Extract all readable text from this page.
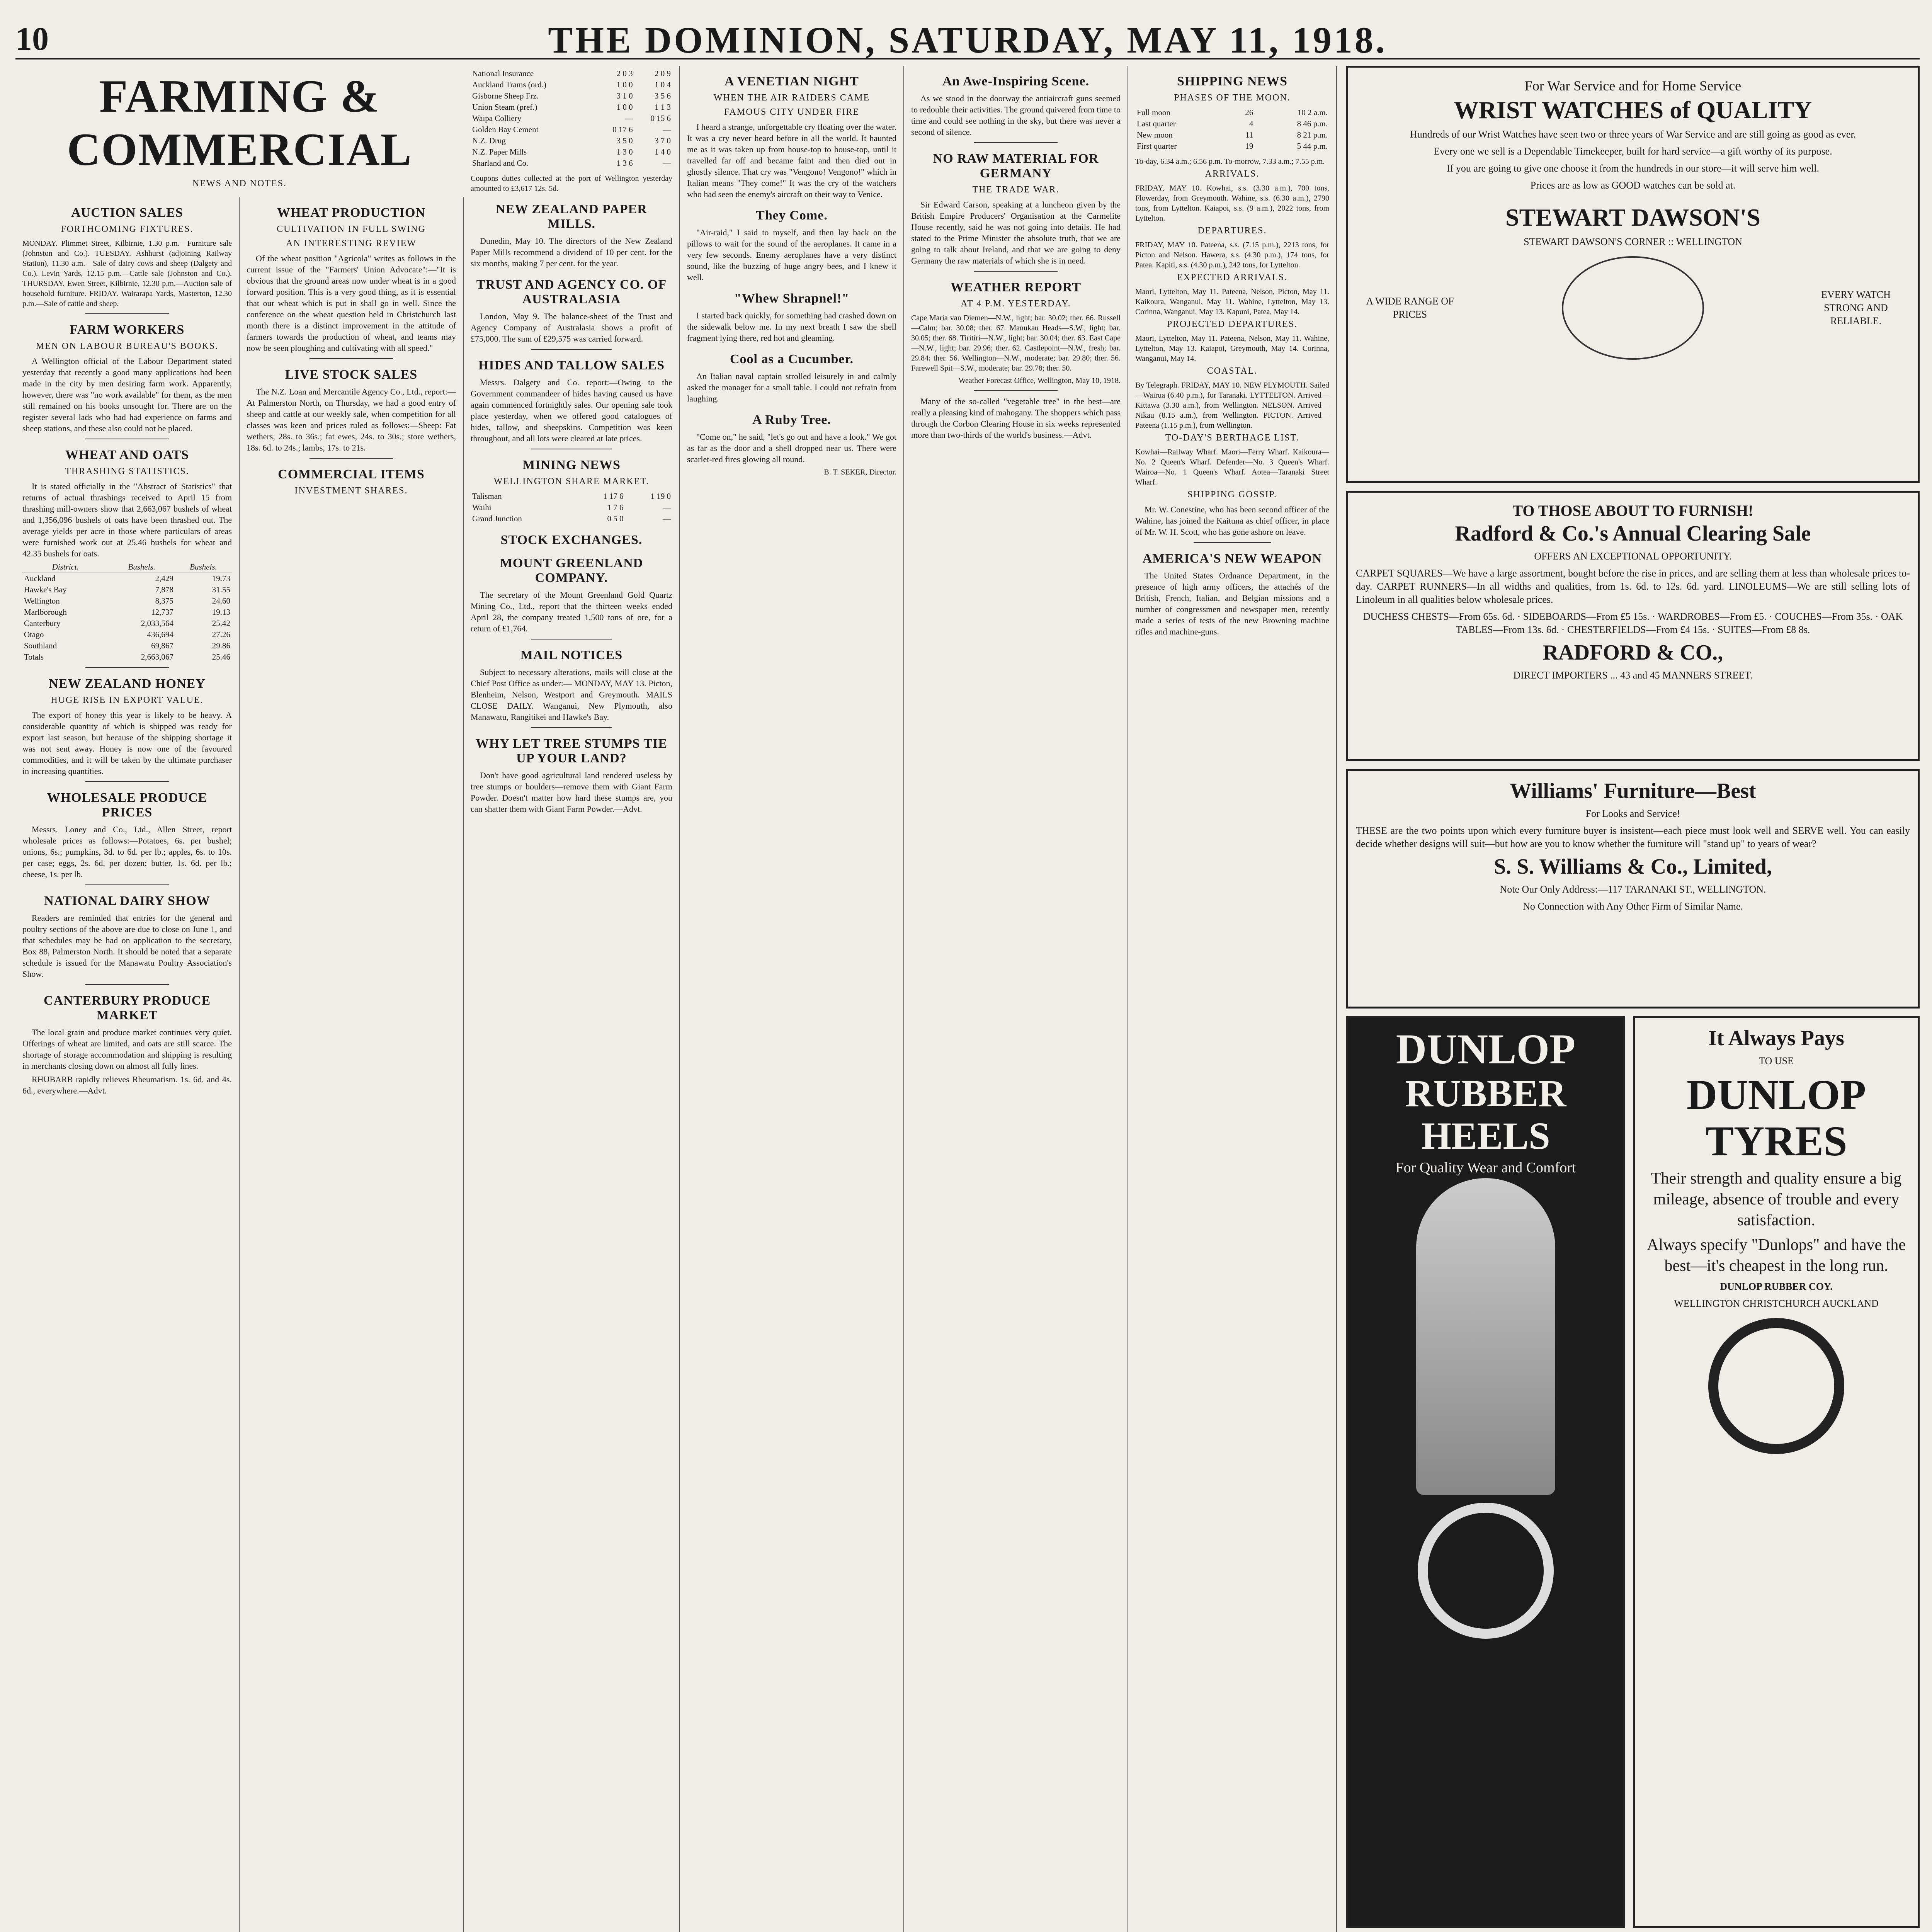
10	THE DOMINION, SATURDAY, MAY 11, 1918.
FARMING & COMMERCIAL
NEWS AND NOTES.
AUCTION SALES
FORTHCOMING FIXTURES.

MONDAY. Plimmet Street, Kilbirnie, 1.30 p.m.—Furniture sale (Johnston and Co.). TUESDAY. Ashhurst (adjoining Railway Station), 11.30 a.m.—Sale of dairy cows and sheep (Dalgety and Co.). Levin Yards, 12.15 p.m.—Cattle sale (Johnston and Co.). THURSDAY. Ewen Street, Kilbirnie, 12.30 p.m.—Auction sale of household furniture. FRIDAY. Wairarapa Yards, Masterton, 12.30 p.m.—Sale of cattle and sheep.

FARM WORKERS
MEN ON LABOUR BUREAU'S BOOKS.

A Wellington official of the Labour Department stated yesterday that recently a good many applications had been made in the city by men desiring farm work. Apparently, however, there was "no work available" for them, as the men still remained on his books unsought for. There are on the register several lads who had had experience on farms and sheep stations, and these also could not be placed.

WHEAT AND OATS
THRASHING STATISTICS.

It is stated officially in the "Abstract of Statistics" that returns of actual thrashings received to April 15 from thrashing mill-owners show that 2,663,067 bushels of wheat and 1,356,096 bushels of oats have been thrashed out. The average yields per acre in those where particulars of areas were furnished work out at 25.46 bushels for wheat and 42.35 bushels for oats.

District.	Bushels.	Bushels.
Auckland	2,429	19.73
Hawke's Bay	7,878	31.55
Wellington	8,375	24.60
Marlborough	12,737	19.13
Canterbury	2,033,564	25.42
Otago	436,694	27.26
Southland	69,867	29.86
Totals	2,663,067	25.46
NEW ZEALAND HONEY
HUGE RISE IN EXPORT VALUE.

The export of honey this year is likely to be heavy. A considerable quantity of which is shipped was ready for export last season, but because of the shipping shortage it was not sent away. Honey is now one of the favoured commodities, and it will be taken by the ultimate purchaser in increasing quantities.

WHOLESALE PRODUCE PRICES

Messrs. Loney and Co., Ltd., Allen Street, report wholesale prices as follows:—Potatoes, 6s. per bushel; onions, 6s.; pumpkins, 3d. to 6d. per lb.; apples, 6s. to 10s. per case; eggs, 2s. 6d. per dozen; butter, 1s. 6d. per lb.; cheese, 1s. per lb.

NATIONAL DAIRY SHOW

Readers are reminded that entries for the general and poultry sections of the above are due to close on June 1, and that schedules may be had on application to the secretary, Box 88, Palmerston North. It should be noted that a separate schedule is issued for the Manawatu Poultry Association's Show.

CANTERBURY PRODUCE MARKET

The local grain and produce market continues very quiet. Offerings of wheat are limited, and oats are still scarce. The shortage of storage accommodation and shipping is resulting in merchants closing down on almost all fully lines.

RHUBARB rapidly relieves Rheumatism. 1s. 6d. and 4s. 6d., everywhere.—Advt.

WHEAT PRODUCTION
CULTIVATION IN FULL SWING
AN INTERESTING REVIEW

Of the wheat position "Agricola" writes as follows in the current issue of the "Farmers' Union Advocate":—"It is obvious that the ground areas now under wheat is in a good forward position. This is a very good thing, as it is essential that our wheat which is put in shall go in well. Since the conference on the wheat question held in Christchurch last month there is a distinct improvement in the attitude of farmers towards the production of wheat, and teams may now be seen ploughing and cultivating with all speed."

LIVE STOCK SALES

The N.Z. Loan and Mercantile Agency Co., Ltd., report:—At Palmerston North, on Thursday, we had a good entry of sheep and cattle at our weekly sale, when competition for all classes was keen and prices ruled as follows:—Sheep: Fat wethers, 28s. to 36s.; fat ewes, 24s. to 30s.; store wethers, 18s. 6d. to 24s.; lambs, 17s. to 21s.

COMMERCIAL ITEMS
INVESTMENT SHARES.
National Insurance	2 0 3	2 0 9
Auckland Trams (ord.)	1 0 0	1 0 4
Gisborne Sheep Frz.	3 1 0	3 5 6
Union Steam (pref.)	1 0 0	1 1 3
Waipa Colliery	—	0 15 6
Golden Bay Cement	0 17 6	—
N.Z. Drug	3 5 0	3 7 0
N.Z. Paper Mills	1 3 0	1 4 0
Sharland and Co.	1 3 6	—

Coupons duties collected at the port of Wellington yesterday amounted to £3,617 12s. 5d.

NEW ZEALAND PAPER MILLS.

Dunedin, May 10. The directors of the New Zealand Paper Mills recommend a dividend of 10 per cent. for the six months, making 7 per cent. for the year.

TRUST AND AGENCY CO. OF AUSTRALASIA

London, May 9. The balance-sheet of the Trust and Agency Company of Australasia shows a profit of £75,000. The sum of £29,575 was carried forward.

HIDES AND TALLOW SALES

Messrs. Dalgety and Co. report:—Owing to the Government commandeer of hides having caused us have again commenced fortnightly sales. Our opening sale took place yesterday, when we offered good catalogues of hides, tallow, and sheepskins. Competition was keen throughout, and all lots were cleared at late prices.

MINING NEWS
WELLINGTON SHARE MARKET.
Talisman	1 17 6	1 19 0
Waihi	1 7 6	—
Grand Junction	0 5 0	—
STOCK EXCHANGES.
MOUNT GREENLAND COMPANY.

The secretary of the Mount Greenland Gold Quartz Mining Co., Ltd., report that the thirteen weeks ended April 28, the company treated 1,500 tons of ore, for a return of £1,764.

MAIL NOTICES

Subject to necessary alterations, mails will close at the Chief Post Office as under:— MONDAY, MAY 13. Picton, Blenheim, Nelson, Westport and Greymouth. MAILS CLOSE DAILY. Wanganui, New Plymouth, also Manawatu, Rangitikei and Hawke's Bay.

WHY LET TREE STUMPS TIE UP YOUR LAND?

Don't have good agricultural land rendered useless by tree stumps or boulders—remove them with Giant Farm Powder. Doesn't matter how hard these stumps are, you can shatter them with Giant Farm Powder.—Advt.

A VENETIAN NIGHT
WHEN THE AIR RAIDERS CAME
FAMOUS CITY UNDER FIRE

I heard a strange, unforgettable cry floating over the water. It was a cry never heard before in all the world. It haunted me as it was taken up from house-top to house-top, until it travelled far off and became faint and then died out in ghostly silence. That cry was "Vengono! Vengono!" which in Italian means "They come!" It was the cry of the watchers who had seen the enemy's aircraft on their way to Venice.

They Come.

"Air-raid," I said to myself, and then lay back on the pillows to wait for the sound of the aeroplanes. It came in a very few seconds. Enemy aeroplanes have a very distinct sound, like the buzzing of huge angry bees, and I knew it well.

"Whew Shrapnel!"

I started back quickly, for something had crashed down on the sidewalk below me. In my next breath I saw the shell fragment lying there, red hot and gleaming.

Cool as a Cucumber.

An Italian naval captain strolled leisurely in and calmly asked the manager for a small table. I could not refrain from laughing.

A Ruby Tree.

"Come on," he said, "let's go out and have a look." We got as far as the door and a shell dropped near us. There were scarlet-red fires glowing all round.

B. T. SEKER, Director.

An Awe-Inspiring Scene.

As we stood in the doorway the antiaircraft guns seemed to redouble their activities. The ground quivered from time to time and could see nothing in the sky, but there was never a second of silence.

NO RAW MATERIAL FOR GERMANY
THE TRADE WAR.

Sir Edward Carson, speaking at a luncheon given by the British Empire Producers' Organisation at the Carmelite House recently, said he was not going into details. He had stated to the Prime Minister the absolute truth, that we are going to talk about Ireland, and that we are going to deny Germany the raw materials of which she is in need.

WEATHER REPORT
AT 4 P.M. YESTERDAY.

Cape Maria van Diemen—N.W., light; bar. 30.02; ther. 66. Russell—Calm; bar. 30.08; ther. 67. Manukau Heads—S.W., light; bar. 30.05; ther. 68. Tiritiri—N.W., light; bar. 30.04; ther. 63. East Cape—N.W., light; bar. 29.96; ther. 62. Castlepoint—N.W., fresh; bar. 29.84; ther. 56. Wellington—N.W., moderate; bar. 29.80; ther. 56. Farewell Spit—S.W., moderate; bar. 29.78; ther. 50.

Weather Forecast Office, Wellington, May 10, 1918.

Many of the so-called "vegetable tree" in the best—are really a pleasing kind of mahogany. The shoppers which pass through the Corbon Clearing House in six weeks represented more than two-thirds of the world's business.—Advt.

SHIPPING NEWS
PHASES OF THE MOON.
Full moon	26	10 2 a.m.
Last quarter	4	8 46 p.m.
New moon	11	8 21 p.m.
First quarter	19	5 44 p.m.

To-day, 6.34 a.m.; 6.56 p.m. To-morrow, 7.33 a.m.; 7.55 p.m.

ARRIVALS.

FRIDAY, MAY 10. Kowhai, s.s. (3.30 a.m.), 700 tons, Flowerday, from Greymouth. Wahine, s.s. (6.30 a.m.), 2790 tons, from Lyttelton. Kaiapoi, s.s. (9 a.m.), 2022 tons, from Lyttelton.

DEPARTURES.

FRIDAY, MAY 10. Pateena, s.s. (7.15 p.m.), 2213 tons, for Picton and Nelson. Hawera, s.s. (4.30 p.m.), 174 tons, for Patea. Kapiti, s.s. (4.30 p.m.), 242 tons, for Lyttelton.

EXPECTED ARRIVALS.

Maori, Lyttelton, May 11. Pateena, Nelson, Picton, May 11. Kaikoura, Wanganui, May 11. Wahine, Lyttelton, May 13. Corinna, Wanganui, May 13. Kapuni, Patea, May 14.

PROJECTED DEPARTURES.

Maori, Lyttelton, May 11. Pateena, Nelson, May 11. Wahine, Lyttelton, May 13. Kaiapoi, Greymouth, May 14. Corinna, Wanganui, May 14.

COASTAL.

By Telegraph. FRIDAY, MAY 10. NEW PLYMOUTH. Sailed—Wairua (6.40 p.m.), for Taranaki. LYTTELTON. Arrived—Kittawa (3.30 a.m.), from Wellington. NELSON. Arrived—Nikau (8.15 a.m.), from Wellington. PICTON. Arrived—Pateena (1.15 p.m.), from Wellington.

TO-DAY'S BERTHAGE LIST.

Kowhai—Railway Wharf. Maori—Ferry Wharf. Kaikoura—No. 2 Queen's Wharf. Defender—No. 3 Queen's Wharf. Wairoa—No. 1 Queen's Wharf. Aotea—Taranaki Street Wharf.

SHIPPING GOSSIP.

Mr. W. Conestine, who has been second officer of the Wahine, has joined the Kaituna as chief officer, in place of Mr. W. H. Scott, who has gone ashore on leave.

AMERICA'S NEW WEAPON

The United States Ordnance Department, in the presence of high army officers, the attachés of the British, French, Italian, and Belgian missions and a number of congressmen and newspaper men, recently made a series of tests of the new Browning machine rifles and machine-guns.

For War Service and for Home Service
WRIST WATCHES of QUALITY
Hundreds of our Wrist Watches have seen two or three years of War Service and are still going as good as ever.
Every one we sell is a Dependable Timekeeper, built for hard service—a gift worthy of its purpose.
If you are going to give one choose it from the hundreds in our store—it will serve him well.
Prices are as low as GOOD watches can be sold at.
STEWART DAWSON'S
STEWART DAWSON'S CORNER :: WELLINGTON
A WIDE RANGE OF PRICES
EVERY WATCH STRONG AND RELIABLE.
TO THOSE ABOUT TO FURNISH!
Radford & Co.'s Annual Clearing Sale
OFFERS AN EXCEPTIONAL OPPORTUNITY.
CARPET SQUARES—We have a large assortment, bought before the rise in prices, and are selling them at less than wholesale prices to-day. CARPET RUNNERS—In all widths and qualities, from 1s. 6d. to 12s. 6d. yard. LINOLEUMS—We are still selling lots of Linoleum in all qualities below wholesale prices.
DUCHESS CHESTS—From 65s. 6d. · SIDEBOARDS—From £5 15s. · WARDROBES—From £5. · COUCHES—From 35s. · OAK TABLES—From 13s. 6d. · CHESTERFIELDS—From £4 15s. · SUITES—From £8 8s.
RADFORD & CO.,
DIRECT IMPORTERS ... 43 and 45 MANNERS STREET.
Williams' Furniture—Best
For Looks and Service!
THESE are the two points upon which every furniture buyer is insistent—each piece must look well and SERVE well. You can easily decide whether designs will suit—but how are you to know whether the furniture will "stand up" to years of wear?
S. S. Williams & Co., Limited,
Note Our Only Address:—117 TARANAKI ST., WELLINGTON.
No Connection with Any Other Firm of Similar Name.
DUNLOP
RUBBER
HEELS
For Quality Wear and Comfort
It Always Pays
TO USE
DUNLOP
TYRES
Their strength and quality ensure a big mileage, absence of trouble and every satisfaction.
Always specify "Dunlops" and have the best—it's cheapest in the long run.
DUNLOP RUBBER COY.
WELLINGTON CHRISTCHURCH AUCKLAND
